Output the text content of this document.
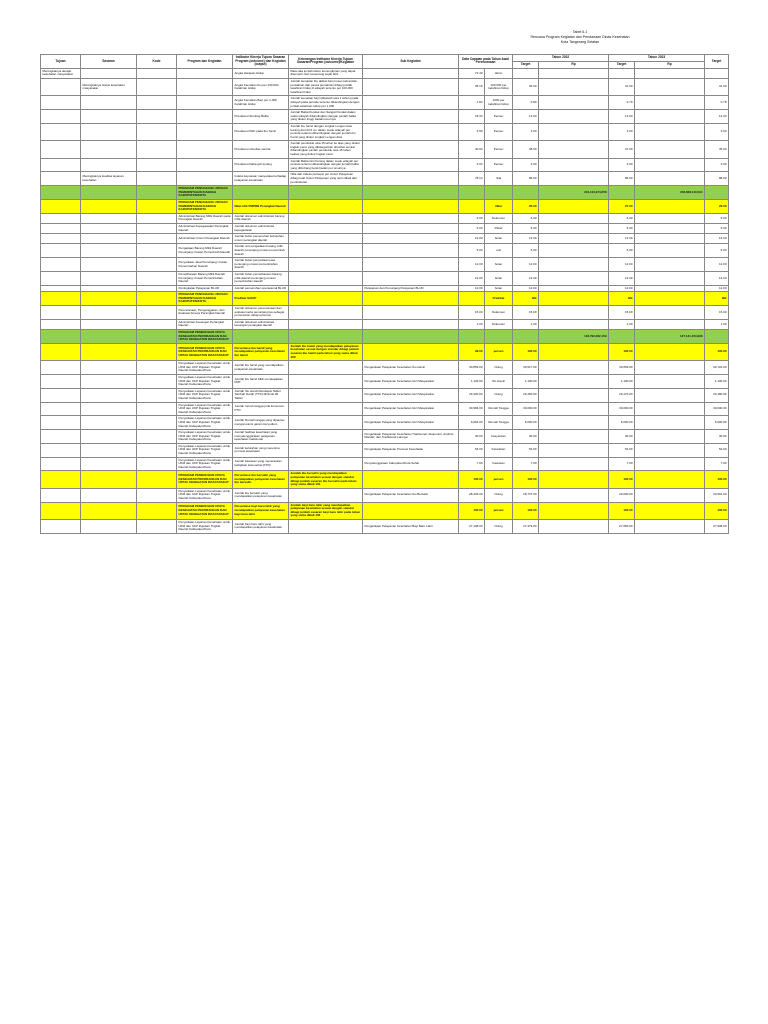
Tabel 6.1
Rencana Program Kegiatan dan Pendanaan Dinas Kesehatan
Kota Tangerang Selatan
Tujuan	Sasaran	Kode	Program dan Kegiatan	Indikator Kinerja Tujuan Sasaran Program (outcome) dan Kegiatan (output)	Keterangan Indikator Kinerja Tujuan Sasaran/Program (outcome)/Kegiatan	Sub Kegiatan	Data Capaian pada Tahun Awal Perencanaan		Tahun 2022		Tahun 2023		Target
									Target	Rp	Target	Rp	
Meningkatnya derajat kesehatan masyarakat				Angka Harapan Hidup	Rata-rata jumlah tahun kemungkinan yang dapat ditempuh oleh seseorang sejak lahir		72.49	tahun					
	Meningkatnya status kesehatan masyarakat			Angka Kematian Ibu per 100.000 Kelahiran Hidup	Jumlah kematian ibu akibat dari proses kehamilan, persalinan dan pasca persalinan dibagi jumlah kelahiran hidup di wilayah tertentu per 100.000 kelahiran hidup		35.16	100.000 per kelahiran hidup	32.00		31.00		31.00
				Angka Kematian Bayi per 1.000 Kelahiran Hidup	Jumlah kematian bayi (dibawah usia 1 tahun) pada wilayah pada periode tertentu dibandingkan dengan jumlah kelahiran hidup per 1.000		1.84	1000 per kelahiran hidup	0.80		0.79		0.78
				Prevalensi Stunting Balita	Jumlah Balita Pendek dan Sangat Pendek dalam suatu wilayah dibandingkan dengan jumlah balita yang diukur tinggi badan/umurnya		15.33	Persen	14.00		14.00		14.00
				Prevalensi KEK pada Ibu hamil	Jumlah ibu hamil dengan Lingkar Lengan Atas kurang dari 23.5 cm dalam suatu wilayah per periode tertentu dibandingkan dengan jumlah ibu hamil yang diukur Lingkar Lengan Atas		3.99	Persen	3.00		3.00		3.00
				Prevalensi obesitas sentral	Jumlah penduduk usia 15 tahun ke atas yang diukur lingkar perut yang dikategorikan obesitas sentral dibandingkan jumlah penduduk usia 15 tahun keatas yang diukur lingkar perut		40.93	Persen	38.00		37.00		35.00
				Prevalensi balita gizi kurang	Jumlah Balita Gizi Kurang dalam suatu wilayah per periode tertentu dibandingkan dengan jumlah balita yang ditimbang berat badan per umurnya		3.04	Persen	3.00		3.00		3.00
	Meningkatnya kualitas layanan kesehatan			Indeks kepuasan masyarakat terhadap pelayanan kesehatan	Nilai dari Indeks persepsi per Unsur Pelayanan dibagi total Unsur Pelayanan yang terisi dikali dari pembobotan		78.14	nilai	85.00		86.00		88.00
			PROGRAM PENUNJANG URUSAN PEMERINTAHAN DAERAH KABUPATEN/KOTA							301,110,974,058		303,828,110,534	
			PROGRAM PENUNJANG URUSAN PEMERINTAHAN DAERAH KABUPATEN/KOTA	Nilai LKE PMPRB Perangkat Daerah				Nilai	25.00		27.00		29.00
			Administrasi Barang Milik Daerah pada Perangkat Daerah	Jumlah dokumen administrasi barang milik daerah			6.00	Dokumen	5.00		5.00		5.00
			Administrasi Kepegawaian Perangkat Daerah	Jumlah dokumen administrasi kepegawaian			5.00	Paket	5.00		5.00		5.00
			Administrasi Umum Perangkat Daerah	Jumlah bulan pemenuhan kebutuhan umum perangkat daerah			12.00	bulan	12.00		12.00		12.00
			Pengadaan Barang Milik Daerah Penunjang Urusan Pemerintah Daerah	Jumlah unit pengadaan barang milik daerah penunjang urusan pemerintah daerah			5.00	unit	5.00		5.00		5.00
			Penyediaan Jasa Penunjang Urusan Pemerintahan Daerah	Jumlah bulan penyediaan jasa penunjang urusan pemerintahan daerah			12.00	bulan	12.00		12.00		12.00
			Pemeliharaan Barang Milik Daerah Penunjang Urusan Pemerintahan Daerah	Jumlah bulan pemeliharaan barang milik daerah penunjang urusan pemerintahan daerah			12.00	bulan	12.00		12.00		12.00
			Peningkatan Pelayanan BLUD	Jumlah pemenuhan operasional BLUD		Pelayanan dan Penunjang Pelayanan BLUD	12.00	bulan	12.00		12.00		12.00
			PROGRAM PENUNJANG URUSAN PEMERINTAHAN DAERAH KABUPATEN/KOTA	Predikat SAKIP				Predikat	BB		BB		BB
			Perencanaan, Penganggaran, dan Evaluasi Kinerja Perangkat Daerah	Jumlah dokumen perencanaan dan evaluasi serta penunjangnya sebagai pemenuhan tahap tersusun			15.00	Dokumen	15.00		15.00		15.00
			Administrasi Keuangan Perangkat Daerah	Jumlah dokumen administrasi keuangan perangkat daerah			1.00	Dokumen	1.00		1.00		1.00
			PROGRAM PEMENUHAN UPAYA KESEHATAN PERORANGAN DAN UPAYA KESEHATAN MASYARAKAT							118,790,082,159		127,131,453,908	
			PROGRAM PEMENUHAN UPAYA KESEHATAN PERORANGAN DAN UPAYA KESEHATAN MASYARAKAT	Persentase ibu hamil yang mendapatkan pelayanan kesehatan ibu hamil	Jumlah ibu hamil yang mendapatkan pelayanan kesehatan sesuai dengan standar dibagi jumlah sasaran ibu hamil pada tahun yang sama dikali 100		99.00	persen	100.00		100.00		100.00
			Penyediaan Layanan Kesehatan untuk UKM dan UKP Rujukan Tingkat Daerah Kabupaten/Kota	Jumlah ibu hamil yang mendapatkan pelayanan kesehatan		Pengelolaan Pelayanan Kesehatan Ibu Hamil	30,859.00	Orang	30,517.00		30,659.00		30,722.00
			Penyediaan Layanan Kesehatan untuk UKM dan UKP Rujukan Tingkat Daerah Kabupaten/Kota	Jumlah ibu hamil KEK mendapatkan PMT		Pengelolaan Pelayanan Kesehatan Gizi Masyarakat	1,132.00	Ibu Hamil	1,100.00		1,100.00		1,100.00
			Penyediaan Layanan Kesehatan untuk UKM dan UKP Rujukan Tingkat Daerah Kabupaten/Kota	Jumlah Ibu Hamil Mendapat Tablet Tambah Darah (TTD) Minimal 90 Tablet		Pengelolaan Pelayanan Kesehatan Gizi Masyarakat	29,320.00	Orang	29,150.00		29,170.00		29,180.00
			Penyediaan Layanan Kesehatan untuk UKM dan UKP Rujukan Tingkat Daerah Kabupaten/Kota	Jumlah rumah tangga pola konsumsi PTO		Pengelolaan Pelayanan Kesehatan Gizi Masyarakat	30,984.00	Rumah Tangga	30,000.00		30,000.00		30,000.00
			Penyediaan Layanan Kesehatan untuk UKM dan UKP Rujukan Tingkat Daerah Kabupaten/Kota	Jumlah Rumah tangga yang dipantau mengonsumsi garam beryodium		Pengelolaan Pelayanan Kesehatan Gizi Masyarakat	6,004.00	Rumah Tangga	6,000.00		6,000.00		6,000.00
			Penyediaan Layanan Kesehatan untuk UKM dan UKP Rujukan Tingkat Daerah Kabupaten/Kota	Jumlah fasilitas kesehatan yang menyelenggarakan pelayanan kesehatan tradisional		Pengelolaan Pelayanan Kesehatan Tradisional, Akupuntur, Asuhan Mandiri, dan Tradisional Lainnya	30.00	Fasyankes	30.00		30.00		30.00
			Penyediaan Layanan Kesehatan untuk UKM dan UKP Rujukan Tingkat Daerah Kabupaten/Kota	Jumlah kelurahan yang menerima promosi kesehatan		Pengelolaan Pelayanan Promosi Kesehatan	54.00	Kelurahan	54.00		54.00		54.00
			Penyediaan Layanan Kesehatan untuk UKM dan UKP Rujukan Tingkat Daerah Kabupaten/Kota	Jumlah kawasan yang menerapkan kebijakan kota sehat (KTR)		Penyelenggaraan Kabupaten/Kota Sehat	7.00	Kawasan	7.00		7.00		7.00
			PROGRAM PEMENUHAN UPAYA KESEHATAN PERORANGAN DAN UPAYA KESEHATAN MASYARAKAT	Persentase ibu bersalin yang mendapatkan pelayanan kesehatan ibu bersalin	Jumlah ibu bersalin yang mendapatkan pelayanan kesehatan sesuai dengan standar dibagi jumlah sasaran ibu bersalin pada tahun yang sama dikali 100		100.00	persen	100.00		100.00		100.00
			Penyediaan Layanan Kesehatan untuk UKM dan UKP Rujukan Tingkat Daerah Kabupaten/Kota	Jumlah ibu bersalin yang mendapatkan pelayanan kesehatan		Pengelolaan Pelayanan Kesehatan Ibu Bersalin	28,403.00	Orang	28,737.00		29,000.00		29,501.00
			PROGRAM PEMENUHAN UPAYA KESEHATAN PERORANGAN DAN UPAYA KESEHATAN MASYARAKAT	Persentase bayi baru lahir yang mendapatkan pelayanan kesehatan bayi baru lahir	Jumlah bayi baru lahir yang mendapatkan pelayanan kesehatan sesuai dengan standar dibagi jumlah sasaran bayi baru lahir pada tahun yang sama dikali 100		100.00	persen	100.00		100.00		100.00
			Penyediaan Layanan Kesehatan untuk UKM dan UKP Rujukan Tingkat Daerah Kabupaten/Kota	Jumlah bayi baru lahir yang mendapatkan pelayanan kesehatan		Pengelolaan Pelayanan Kesehatan Bayi Baru Lahir	27,108.00	Orang	27,379.00		27,650.00		27,908.00
